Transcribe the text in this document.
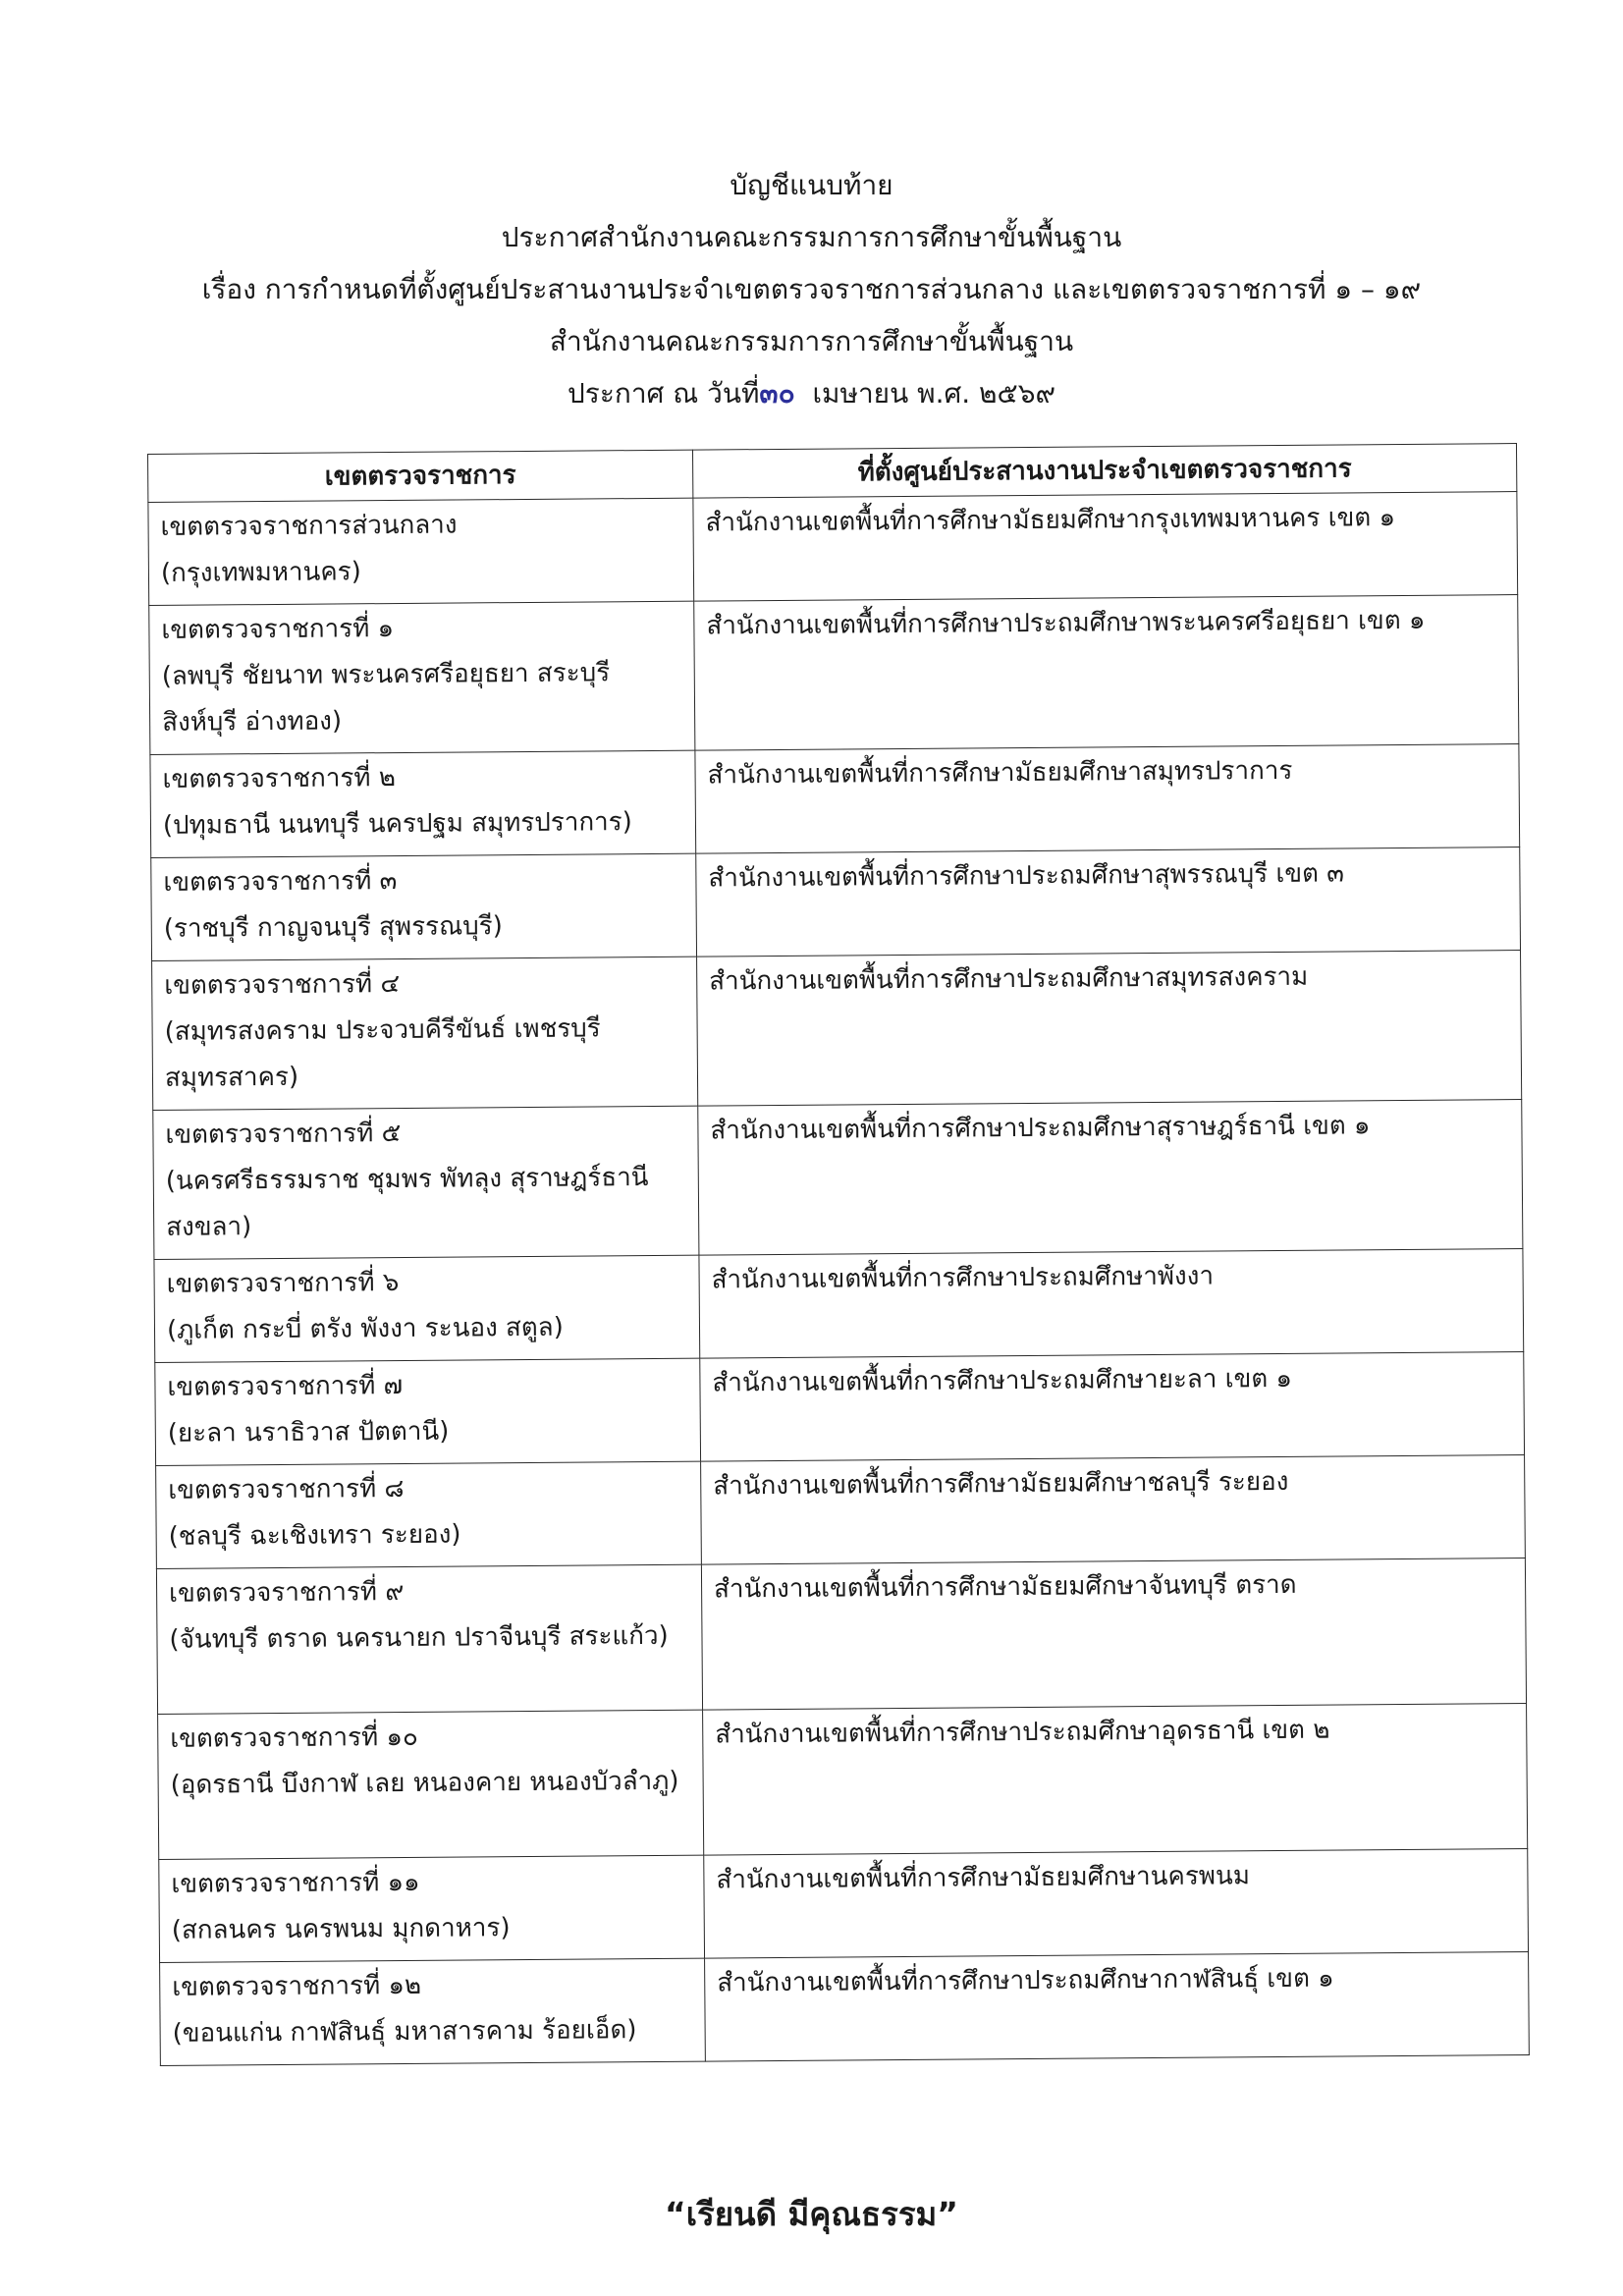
บัญชีแนบท้าย
ประกาศสำนักงานคณะกรรมการการศึกษาขั้นพื้นฐาน
เรื่อง การกำหนดที่ตั้งศูนย์ประสานงานประจำเขตตรวจราชการส่วนกลาง และเขตตรวจราชการที่ ๑ – ๑๙
สำนักงานคณะกรรมการการศึกษาขั้นพื้นฐาน
ประกาศ ณ วันที่๓๐ เมษายน พ.ศ. ๒๕๖๙
เขตตรวจราชการ	ที่ตั้งศูนย์ประสานงานประจำเขตตรวจราชการ

เขตตรวจราชการส่วนกลาง
(กรุงเทพมหานคร)	สำนักงานเขตพื้นที่การศึกษามัธยมศึกษากรุงเทพมหานคร เขต ๑

เขตตรวจราชการที่ ๑
(ลพบุรี ชัยนาท พระนครศรีอยุธยา สระบุรี สิงห์บุรี อ่างทอง)	สำนักงานเขตพื้นที่การศึกษาประถมศึกษาพระนครศรีอยุธยา เขต ๑

เขตตรวจราชการที่ ๒
(ปทุมธานี นนทบุรี นครปฐม สมุทรปราการ)	สำนักงานเขตพื้นที่การศึกษามัธยมศึกษาสมุทรปราการ

เขตตรวจราชการที่ ๓
(ราชบุรี กาญจนบุรี สุพรรณบุรี)	สำนักงานเขตพื้นที่การศึกษาประถมศึกษาสุพรรณบุรี เขต ๓

เขตตรวจราชการที่ ๔
(สมุทรสงคราม ประจวบคีรีขันธ์ เพชรบุรี สมุทรสาคร)	สำนักงานเขตพื้นที่การศึกษาประถมศึกษาสมุทรสงคราม

เขตตรวจราชการที่ ๕
(นครศรีธรรมราช ชุมพร พัทลุง สุราษฎร์ธานี สงขลา)	สำนักงานเขตพื้นที่การศึกษาประถมศึกษาสุราษฎร์ธานี เขต ๑

เขตตรวจราชการที่ ๖
(ภูเก็ต กระบี่ ตรัง พังงา ระนอง สตูล)	สำนักงานเขตพื้นที่การศึกษาประถมศึกษาพังงา

เขตตรวจราชการที่ ๗
(ยะลา นราธิวาส ปัตตานี)	สำนักงานเขตพื้นที่การศึกษาประถมศึกษายะลา เขต ๑

เขตตรวจราชการที่ ๘
(ชลบุรี ฉะเชิงเทรา ระยอง)	สำนักงานเขตพื้นที่การศึกษามัธยมศึกษาชลบุรี ระยอง

เขตตรวจราชการที่ ๙
(จันทบุรี ตราด นครนายก ปราจีนบุรี สระแก้ว)	สำนักงานเขตพื้นที่การศึกษามัธยมศึกษาจันทบุรี ตราด

เขตตรวจราชการที่ ๑๐
(อุดรธานี บึงกาฬ เลย หนองคาย หนองบัวลำภู)	สำนักงานเขตพื้นที่การศึกษาประถมศึกษาอุดรธานี เขต ๒

เขตตรวจราชการที่ ๑๑
(สกลนคร นครพนม มุกดาหาร)	สำนักงานเขตพื้นที่การศึกษามัธยมศึกษานครพนม

เขตตรวจราชการที่ ๑๒
(ขอนแก่น กาฬสินธุ์ มหาสารคาม ร้อยเอ็ด)	สำนักงานเขตพื้นที่การศึกษาประถมศึกษากาฬสินธุ์ เขต ๑
“เรียนดี มีคุณธรรม”
